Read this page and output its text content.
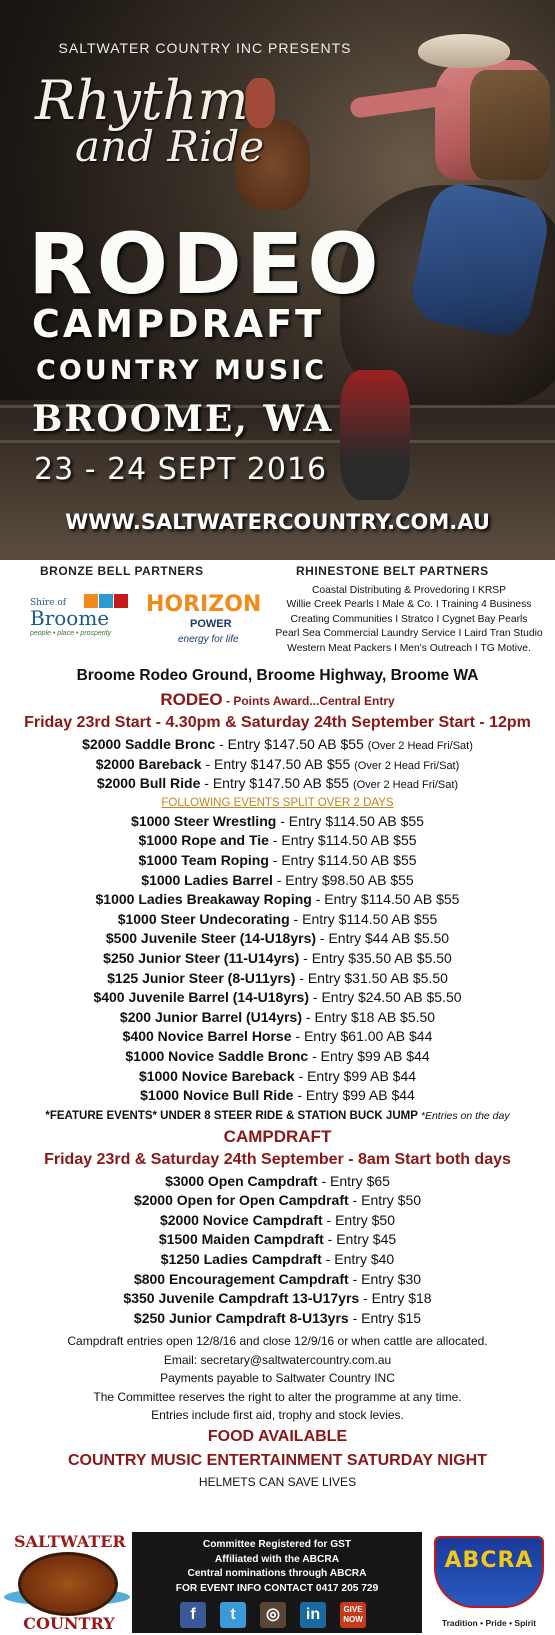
SALTWATER COUNTRY INC PRESENTS
Rhythm
and Ride
RODEO
CAMPDRAFT
COUNTRY MUSIC
BROOME, WA
23 - 24 SEPT 2016
WWW.SALTWATERCOUNTRY.COM.AU
BRONZE BELL PARTNERS	RHINESTONE BELT PARTNERS
Shire of
Broome
people • place • prosperity
HORIZON
POWER
energy for life
Coastal Distributing & Provedoring I KRSP
Willie Creek Pearls I Male & Co. I Training 4 Business
Creating Communities I Stratco I Cygnet Bay Pearls
Pearl Sea Commercial Laundry Service I Laird Tran Studio
Western Meat Packers I Men's Outreach I TG Motive.
Broome Rodeo Ground, Broome Highway, Broome WA
RODEO - Points Award...Central Entry
Friday 23rd Start - 4.30pm & Saturday 24th September Start - 12pm
$2000 Saddle Bronc - Entry $147.50 AB $55 (Over 2 Head Fri/Sat)
$2000 Bareback - Entry $147.50 AB $55 (Over 2 Head Fri/Sat)
$2000 Bull Ride - Entry $147.50 AB $55 (Over 2 Head Fri/Sat)
FOLLOWING EVENTS SPLIT OVER 2 DAYS
$1000 Steer Wrestling - Entry $114.50 AB $55
$1000 Rope and Tie - Entry $114.50 AB $55
$1000 Team Roping - Entry $114.50 AB $55
$1000 Ladies Barrel - Entry $98.50 AB $55
$1000 Ladies Breakaway Roping - Entry $114.50 AB $55
$1000 Steer Undecorating - Entry $114.50 AB $55
$500 Juvenile Steer (14-U18yrs) - Entry $44 AB $5.50
$250 Junior Steer (11-U14yrs) - Entry $35.50 AB $5.50
$125 Junior Steer (8-U11yrs) - Entry $31.50 AB $5.50
$400 Juvenile Barrel (14-U18yrs) - Entry $24.50 AB $5.50
$200 Junior Barrel (U14yrs) - Entry $18 AB $5.50
$400 Novice Barrel Horse - Entry $61.00 AB $44
$1000 Novice Saddle Bronc - Entry $99 AB $44
$1000 Novice Bareback - Entry $99 AB $44
$1000 Novice Bull Ride - Entry $99 AB $44
*FEATURE EVENTS* UNDER 8 STEER RIDE & STATION BUCK JUMP *Entries on the day
CAMPDRAFT
Friday 23rd & Saturday 24th September - 8am Start both days
$3000 Open Campdraft - Entry $65
$2000 Open for Open Campdraft - Entry $50
$2000 Novice Campdraft - Entry $50
$1500 Maiden Campdraft - Entry $45
$1250 Ladies Campdraft - Entry $40
$800 Encouragement Campdraft - Entry $30
$350 Juvenile Campdraft 13-U17yrs - Entry $18
$250 Junior Campdraft 8-U13yrs - Entry $15
Campdraft entries open 12/8/16 and close 12/9/16 or when cattle are allocated.
Email: secretary@saltwatercountry.com.au
Payments payable to Saltwater Country INC
The Committee reserves the right to alter the programme at any time.
Entries include first aid, trophy and stock levies.
FOOD AVAILABLE
COUNTRY MUSIC ENTERTAINMENT SATURDAY NIGHT
HELMETS CAN SAVE LIVES
SALTWATER
COUNTRY
Committee Registered for GST
Affiliated with the ABCRA
Central nominations through ABCRA
FOR EVENT INFO CONTACT 0417 205 729
f	t	◎	in	GIVE NOW
ABCRA
Tradition • Pride • Spirit
